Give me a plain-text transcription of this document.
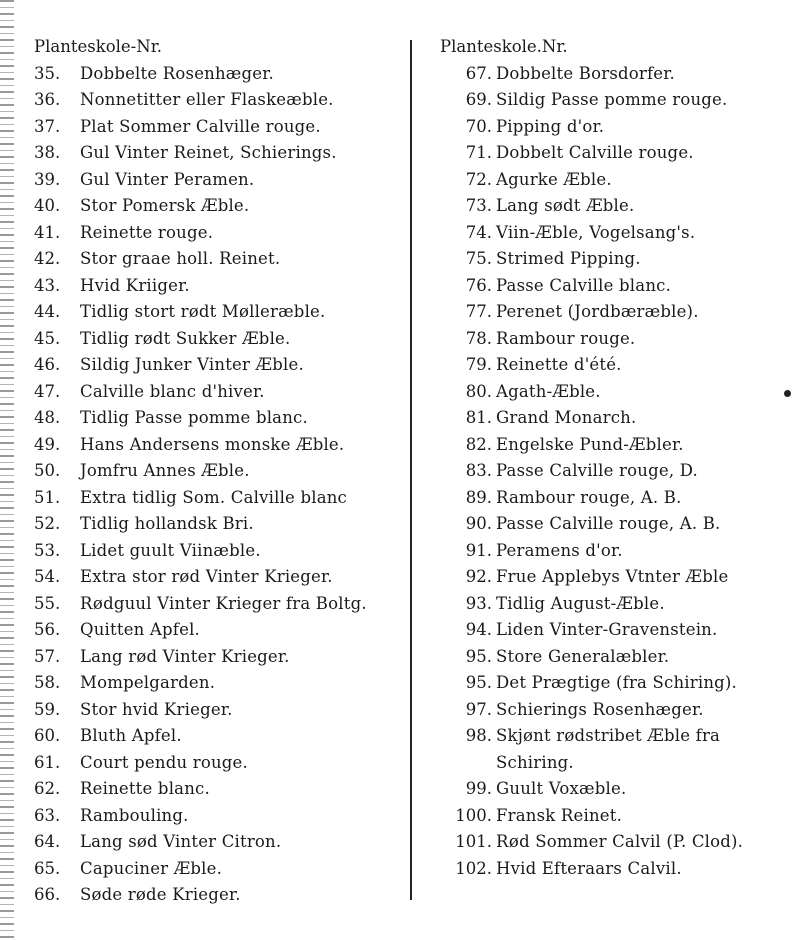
Planteskole-Nr.
35.	Dobbelte Rosenhæger.
36.	Nonnetitter eller Flaskeæble.
37.	Plat Sommer Calville rouge.
38.	Gul Vinter Reinet, Schierings.
39.	Gul Vinter Peramen.
40.	Stor Pomersk Æble.
41.	Reinette rouge.
42.	Stor graae holl. Reinet.
43.	Hvid Kriiger.
44.	Tidlig stort rødt Mølleræble.
45.	Tidlig rødt Sukker Æble.
46.	Sildig Junker Vinter Æble.
47.	Calville blanc d'hiver.
48.	Tidlig Passe pomme blanc.
49.	Hans Andersens monske Æble.
50.	Jomfru Annes Æble.
51.	Extra tidlig Som. Calville blanc
52.	Tidlig hollandsk Bri.
53.	Lidet guult Viinæble.
54.	Extra stor rød Vinter Krieger.
55.	Rødguul Vinter Krieger fra Boltg.
56.	Quitten Apfel.
57.	Lang rød Vinter Krieger.
58.	Mompelgarden.
59.	Stor hvid Krieger.
60.	Bluth Apfel.
61.	Court pendu rouge.
62.	Reinette blanc.
63.	Rambouling.
64.	Lang sød Vinter Citron.
65.	Capuciner Æble.
66.	Søde røde Krieger.
Planteskole.Nr.
67. Dobbelte Borsdorfer.
69. Sildig Passe pomme rouge.
70. Pipping d'or.
71. Dobbelt Calville rouge.
72. Agurke Æble.
73. Lang sødt Æble.
74. Viin-Æble, Vogelsang's.
75. Strimed Pipping.
76. Passe Calville blanc.
77. Perenet (Jordbæræble).
78. Rambour rouge.
79. Reinette d'été.
80. Agath-Æble.
81. Grand Monarch.
82. Engelske Pund-Æbler.
83. Passe Calville rouge, D.
89. Rambour rouge, A. B.
90. Passe Calville rouge, A. B.
91. Peramens d'or.
92. Frue Applebys Vtnter Æble
93. Tidlig August-Æble.
94. Liden Vinter-Gravenstein.
95. Store Generalæbler.
95. Det Prægtige (fra Schiring).
97. Schierings Rosenhæger.
98. Skjønt rødstribet Æble fra Schiring.
99. Guult Voxæble.
100. Fransk Reinet.
101. Rød Sommer Calvil (P. Clod).
102. Hvid Efteraars Calvil.
